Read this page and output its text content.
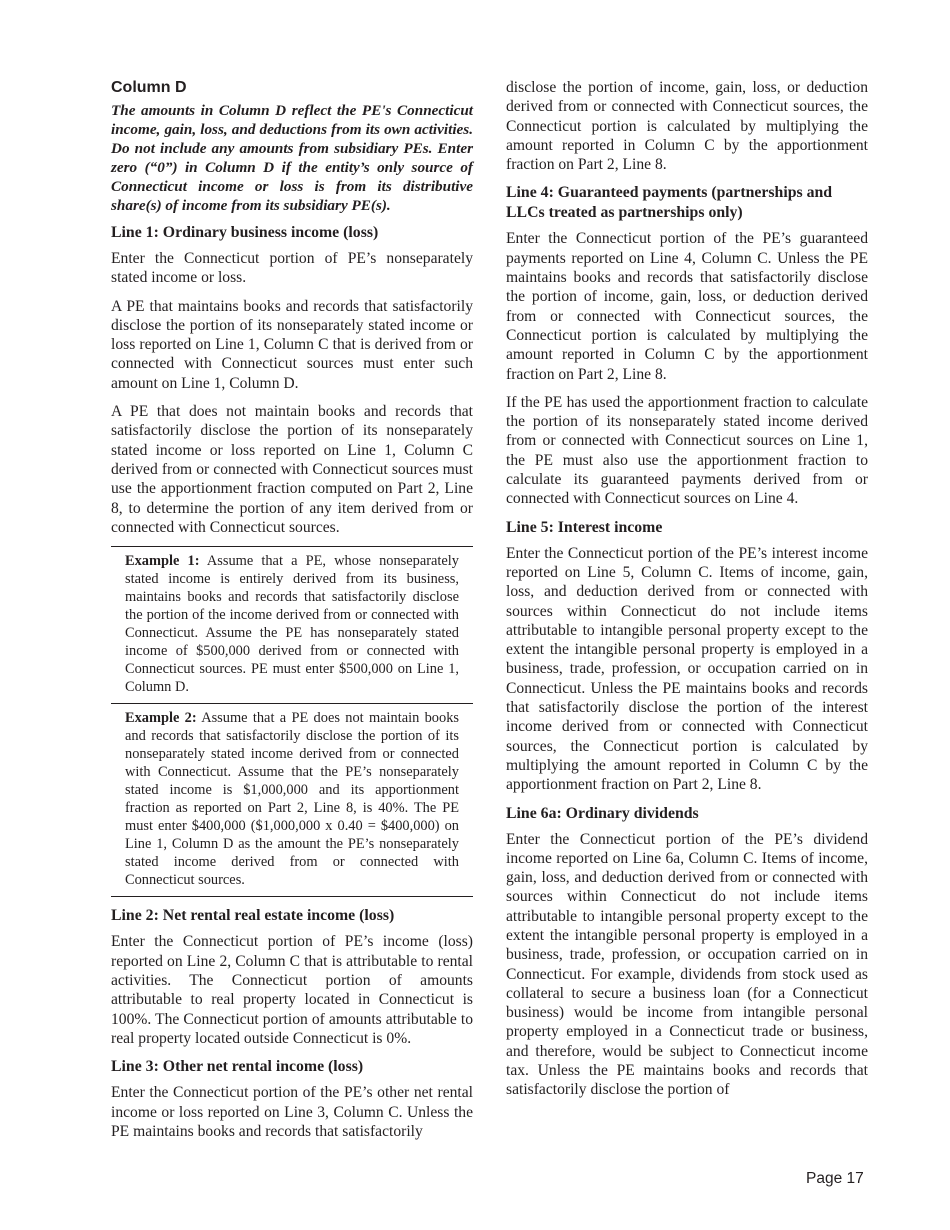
Column D

The amounts in Column D reflect the PE's Connecticut income, gain, loss, and deductions from its own activities. Do not include any amounts from subsidiary PEs. Enter zero (“0”) in Column D if the entity’s only source of Connecticut income or loss is from its distributive share(s) of income from its subsidiary PE(s).

Line 1: Ordinary business income (loss)

Enter the Connecticut portion of PE’s nonseparately stated income or loss.

A PE that maintains books and records that satisfactorily disclose the portion of its nonseparately stated income or loss reported on Line 1, Column C that is derived from or connected with Connecticut sources must enter such amount on Line 1, Column D.

A PE that does not maintain books and records that satisfactorily disclose the portion of its nonseparately stated income or loss reported on Line 1, Column C derived from or connected with Connecticut sources must use the apportionment fraction computed on Part 2, Line 8, to determine the portion of any item derived from or connected with Connecticut sources.

Example 1: Assume that a PE, whose nonseparately stated income is entirely derived from its business, maintains books and records that satisfactorily disclose the portion of the income derived from or connected with Connecticut. Assume the PE has nonseparately stated income of $500,000 derived from or connected with Connecticut sources. PE must enter $500,000 on Line 1, Column D.
Example 2: Assume that a PE does not maintain books and records that satisfactorily disclose the portion of its nonseparately stated income derived from or connected with Connecticut. Assume that the PE’s nonseparately stated income is $1,000,000 and its apportionment fraction as reported on Part 2, Line 8, is 40%. The PE must enter $400,000 ($1,000,000 x 0.40 = $400,000) on Line 1, Column D as the amount the PE’s nonseparately stated income derived from or connected with Connecticut sources.
Line 2: Net rental real estate income (loss)

Enter the Connecticut portion of PE’s income (loss) reported on Line 2, Column C that is attributable to rental activities. The Connecticut portion of amounts attributable to real property located in Connecticut is 100%. The Connecticut portion of amounts attributable to real property located outside Connecticut is 0%.

Line 3: Other net rental income (loss)

Enter the Connecticut portion of the PE’s other net rental income or loss reported on Line 3, Column C. Unless the PE maintains books and records that satisfactorily

disclose the portion of income, gain, loss, or deduction derived from or connected with Connecticut sources, the Connecticut portion is calculated by multiplying the amount reported in Column C by the apportionment fraction on Part 2, Line 8.

Line 4: Guaranteed payments (partnerships and LLCs treated as partnerships only)

Enter the Connecticut portion of the PE’s guaranteed payments reported on Line 4, Column C. Unless the PE maintains books and records that satisfactorily disclose the portion of income, gain, loss, or deduction derived from or connected with Connecticut sources, the Connecticut portion is calculated by multiplying the amount reported in Column C by the apportionment fraction on Part 2, Line 8.

If the PE has used the apportionment fraction to calculate the portion of its nonseparately stated income derived from or connected with Connecticut sources on Line 1, the PE must also use the apportionment fraction to calculate its guaranteed payments derived from or connected with Connecticut sources on Line 4.

Line 5: Interest income

Enter the Connecticut portion of the PE’s interest income reported on Line 5, Column C. Items of income, gain, loss, and deduction derived from or connected with sources within Connecticut do not include items attributable to intangible personal property except to the extent the intangible personal property is employed in a business, trade, profession, or occupation carried on in Connecticut. Unless the PE maintains books and records that satisfactorily disclose the portion of the interest income derived from or connected with Connecticut sources, the Connecticut portion is calculated by multiplying the amount reported in Column C by the apportionment fraction on Part 2, Line 8.

Line 6a: Ordinary dividends

Enter the Connecticut portion of the PE’s dividend income reported on Line 6a, Column C. Items of income, gain, loss, and deduction derived from or connected with sources within Connecticut do not include items attributable to intangible personal property except to the extent the intangible personal property is employed in a business, trade, profession, or occupation carried on in Connecticut. For example, dividends from stock used as collateral to secure a business loan (for a Connecticut business) would be income from intangible personal property employed in a Connecticut trade or business, and therefore, would be subject to Connecticut income tax. Unless the PE maintains books and records that satisfactorily disclose the portion of

Page 17
